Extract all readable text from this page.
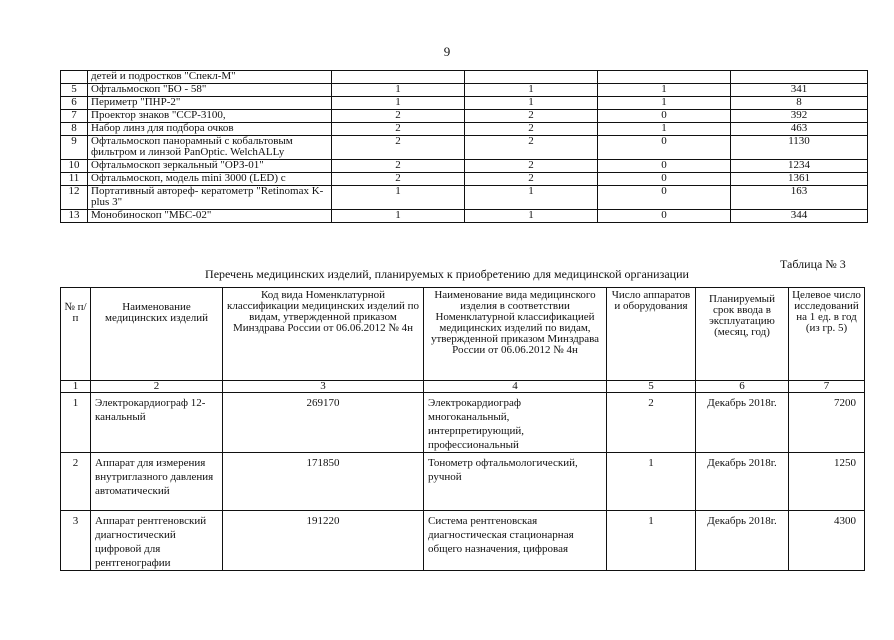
9
	детей и подростков "Спекл-М"				
5	Офтальмоскоп "БО - 58"	1	1	1	341
6	Периметр "ПНР-2"	1	1	1	8
7	Проектор знаков "ССР-3100,	2	2	0	392
8	Набор линз для подбора очков	2	2	1	463
9	Офтальмоскоп панорамный с кобальтовым фильтром и линзой PanOptic. WelchALLy	2	2	0	1130
10	Офтальмоскоп зеркальный "ОРЗ-01"	2	2	0	1234
11	Офтальмоскоп, модель mini 3000 (LED) с	2	2	0	1361
12	Портативный автореф- кератометр "Retinomax K-plus 3"	1	1	0	163
13	Монобиноскоп "МБС-02"	1	1	0	344
Таблица № 3
Перечень медицинских изделий, планируемых к приобретению для медицинской организации
№ п/п	Наименование медицинских изделий	Код вида Номенклатурной классификации медицинских изделий по видам, утвержденной приказом Минздрава России от 06.06.2012 № 4н	Наименование вида медицинского изделия в соответствии Номенклатурной классификацией медицинских изделий по видам, утвержденной приказом Минздрава России от 06.06.2012 № 4н	Число аппаратов и оборудования	Планируемый срок ввода в эксплуатацию (месяц, год)	Целевое число исследований на 1 ед. в год (из гр. 5)
1	2	3	4	5	6	7
1	Электрокардиограф 12-канальный	269170	Электрокардиограф многоканальный, интерпретирующий, профессиональный	2	Декабрь 2018г.	7200
2	Аппарат для измерения внутриглазного давления автоматический	171850	Тонометр офтальмологический, ручной	1	Декабрь 2018г.	1250
3	Аппарат рентгеновский диагностический цифровой для рентгенографии	191220	Система рентгеновская диагностическая стационарная общего назначения, цифровая	1	Декабрь 2018г.	4300
